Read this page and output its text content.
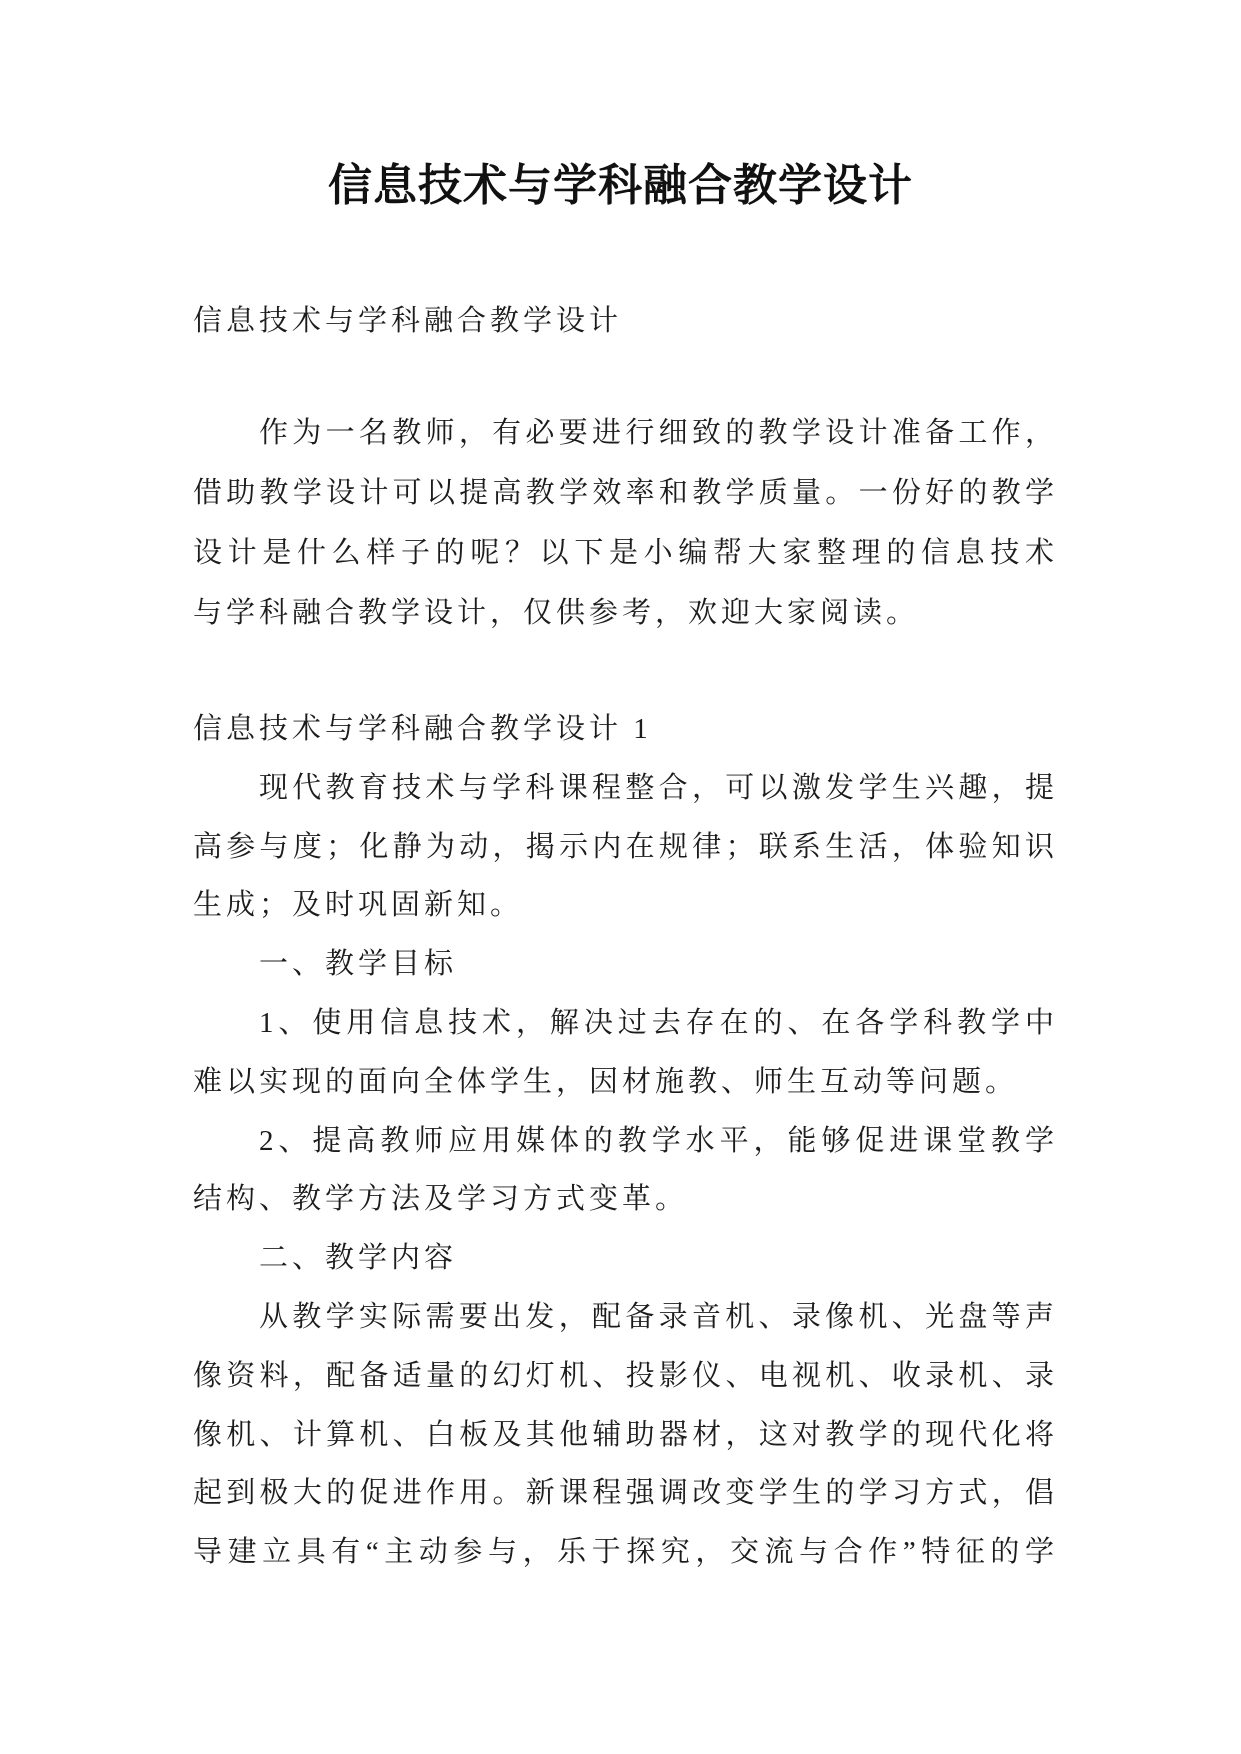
信息技术与学科融合教学设计
信息技术与学科融合教学设计
作为一名教师，有必要进行细致的教学设计准备工作，
借助教学设计可以提高教学效率和教学质量。一份好的教学
设计是什么样子的呢？以下是小编帮大家整理的信息技术
与学科融合教学设计，仅供参考，欢迎大家阅读。
信息技术与学科融合教学设计 1
现代教育技术与学科课程整合，可以激发学生兴趣，提
高参与度；化静为动，揭示内在规律；联系生活，体验知识
生成；及时巩固新知。
一、教学目标
1、使用信息技术，解决过去存在的、在各学科教学中
难以实现的面向全体学生，因材施教、师生互动等问题。
2、提高教师应用媒体的教学水平，能够促进课堂教学
结构、教学方法及学习方式变革。
二、教学内容
从教学实际需要出发，配备录音机、录像机、光盘等声
像资料，配备适量的幻灯机、投影仪、电视机、收录机、录
像机、计算机、白板及其他辅助器材，这对教学的现代化将
起到极大的促进作用。新课程强调改变学生的学习方式，倡
导建立具有“主动参与，乐于探究，交流与合作”特征的学
